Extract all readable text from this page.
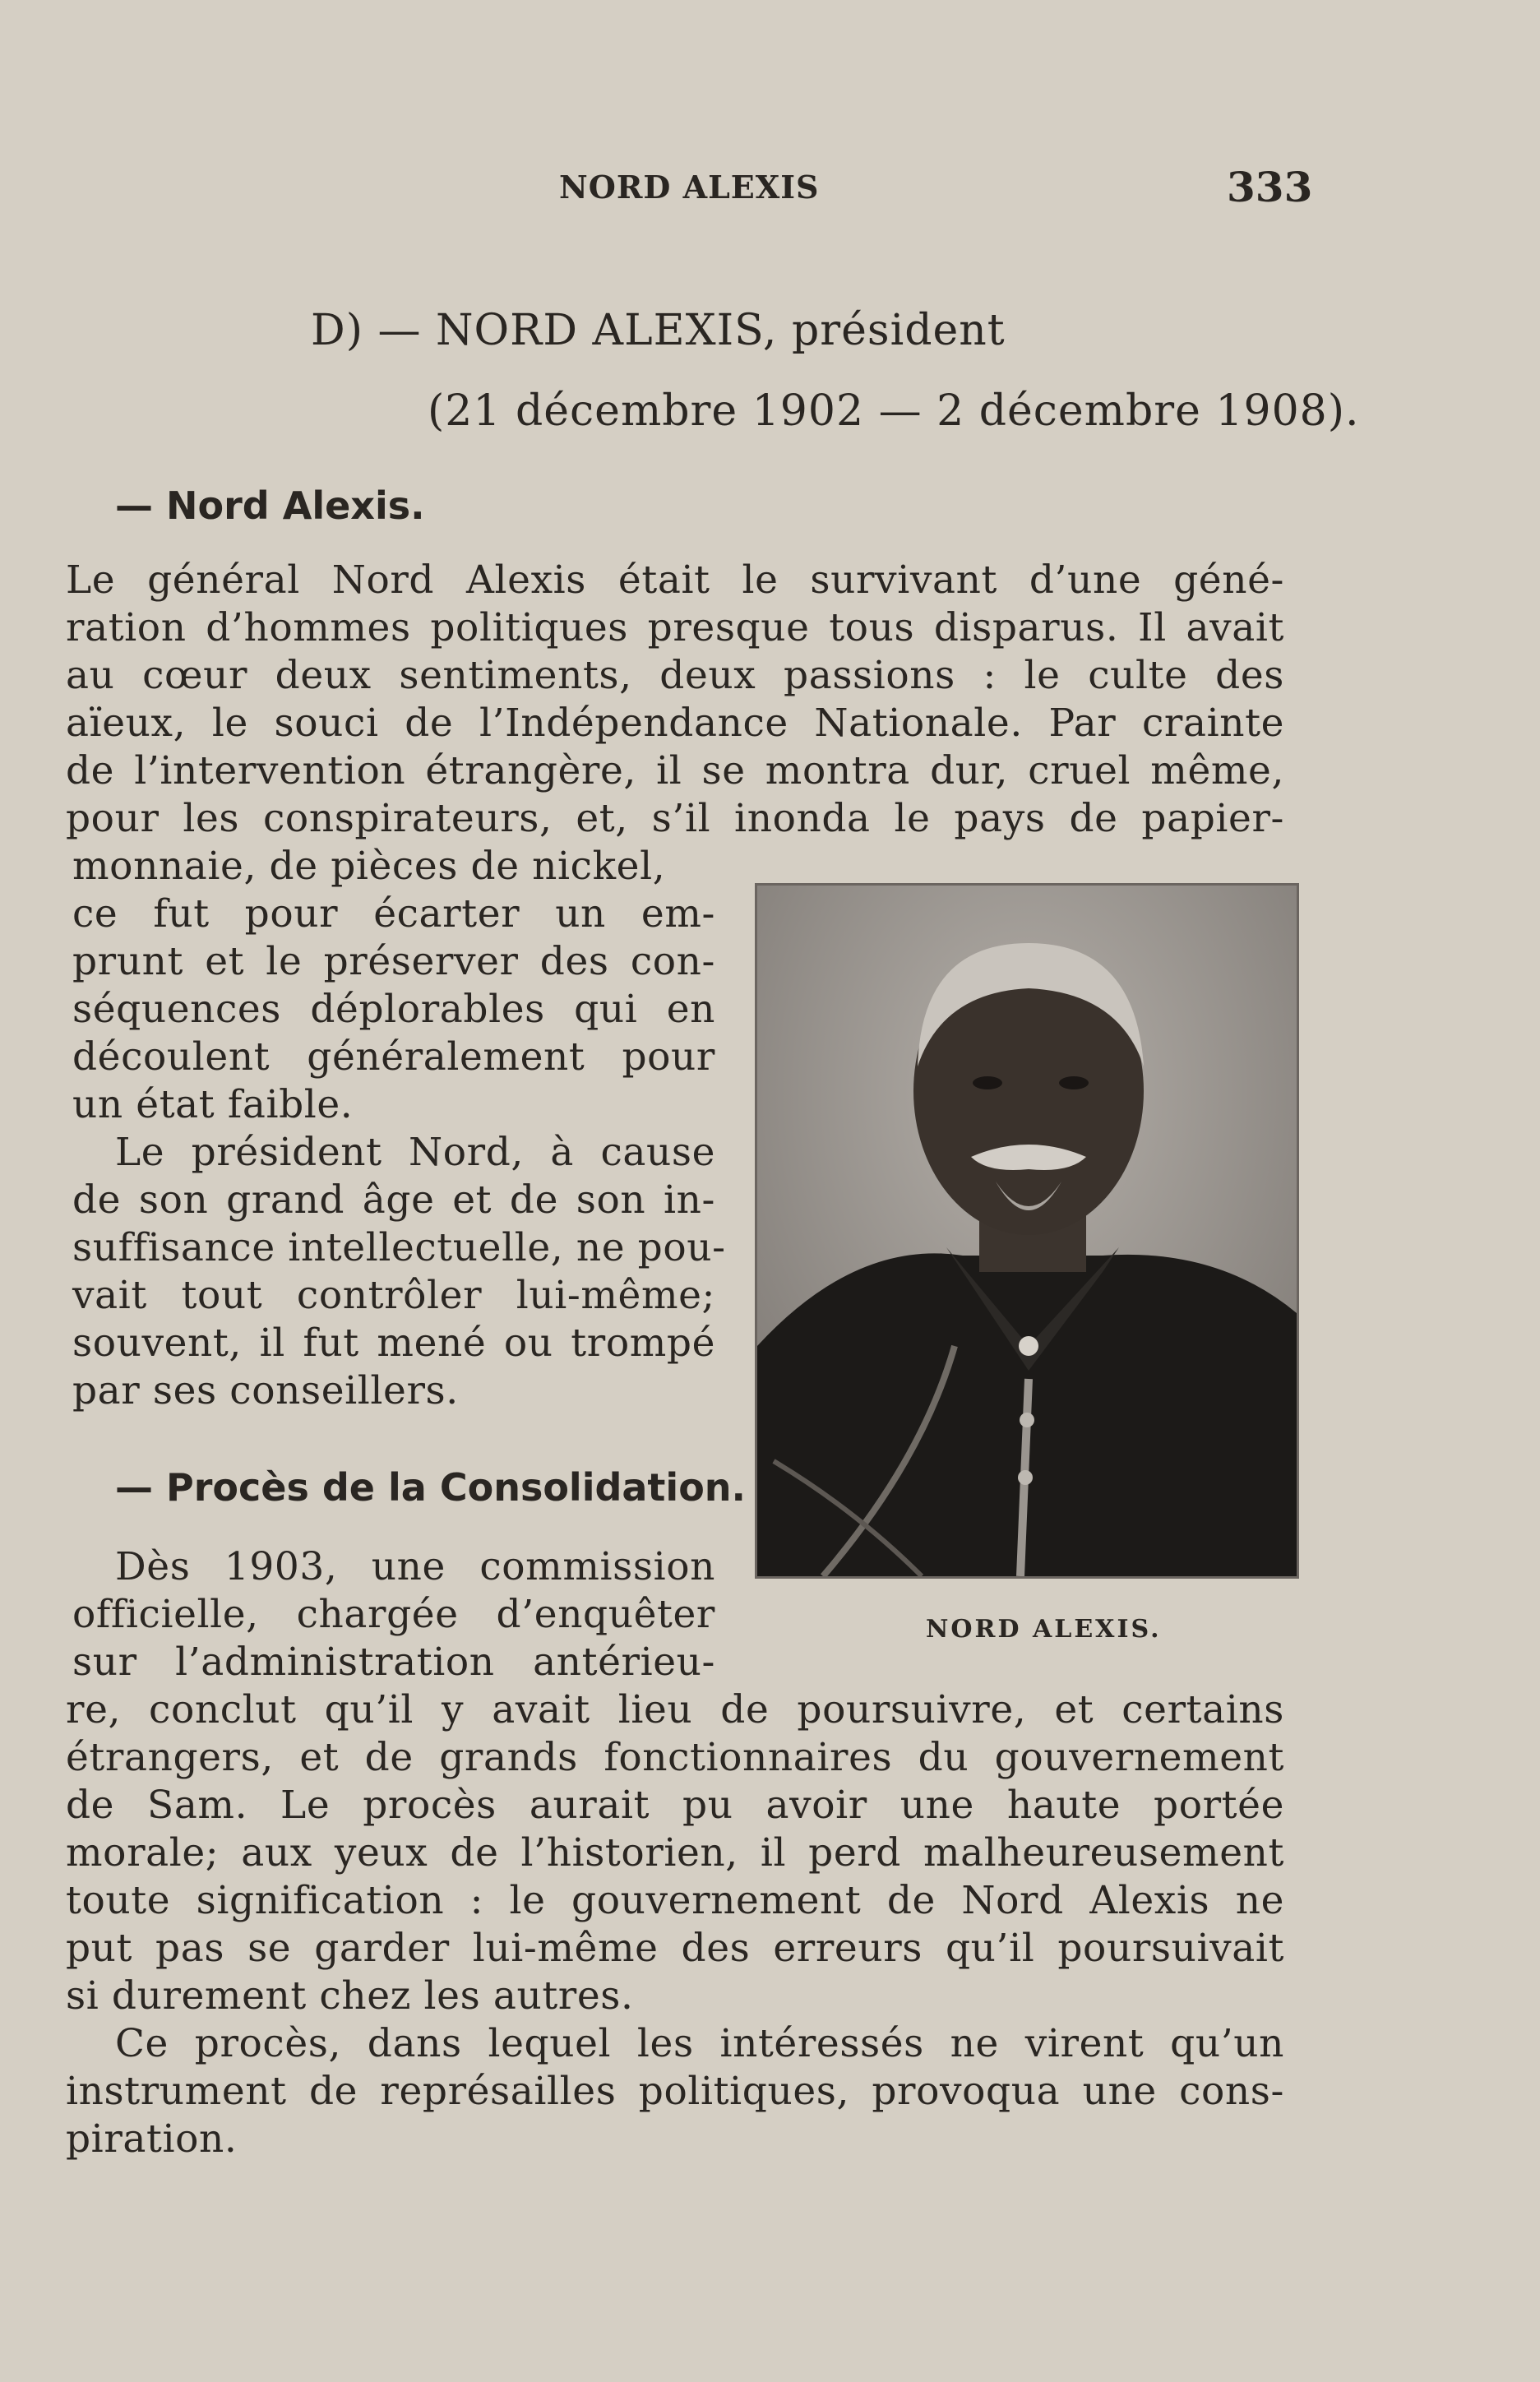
NORD ALEXIS	333
D) — NORD ALEXIS, président
(21 décembre 1902 — 2 décembre 1908).
— Nord Alexis.
Le général Nord Alexis était le survivant d’une géné-
ration d’hommes politiques presque tous disparus. Il avait
au cœur deux sentiments, deux passions : le culte des
aïeux, le souci de l’Indépendance Nationale. Par crainte
de l’intervention étrangère, il se montra dur, cruel même,
pour les conspirateurs, et, s’il inonda le pays de papier-
monnaie, de pièces de nickel,
ce fut pour écarter un em-
prunt et le préserver des con-
séquences déplorables qui en
découlent généralement pour
un état faible.
Le président Nord, à cause
de son grand âge et de son in-
suffisance intellectuelle, ne pou-
vait tout contrôler lui-même;
souvent, il fut mené ou trompé
par ses conseillers.
— Procès de la Consolidation.
Dès 1903, une commission
officielle, chargée d’enquêter
sur l’administration antérieu-
re, conclut qu’il y avait lieu de poursuivre, et certains
étrangers, et de grands fonctionnaires du gouvernement
de Sam. Le procès aurait pu avoir une haute portée
morale; aux yeux de l’historien, il perd malheureusement
toute signification : le gouvernement de Nord Alexis ne
put pas se garder lui-même des erreurs qu’il poursuivait
si durement chez les autres.
Ce procès, dans lequel les intéressés ne virent qu’un
instrument de représailles politiques, provoqua une cons-
piration.
NORD ALEXIS.
